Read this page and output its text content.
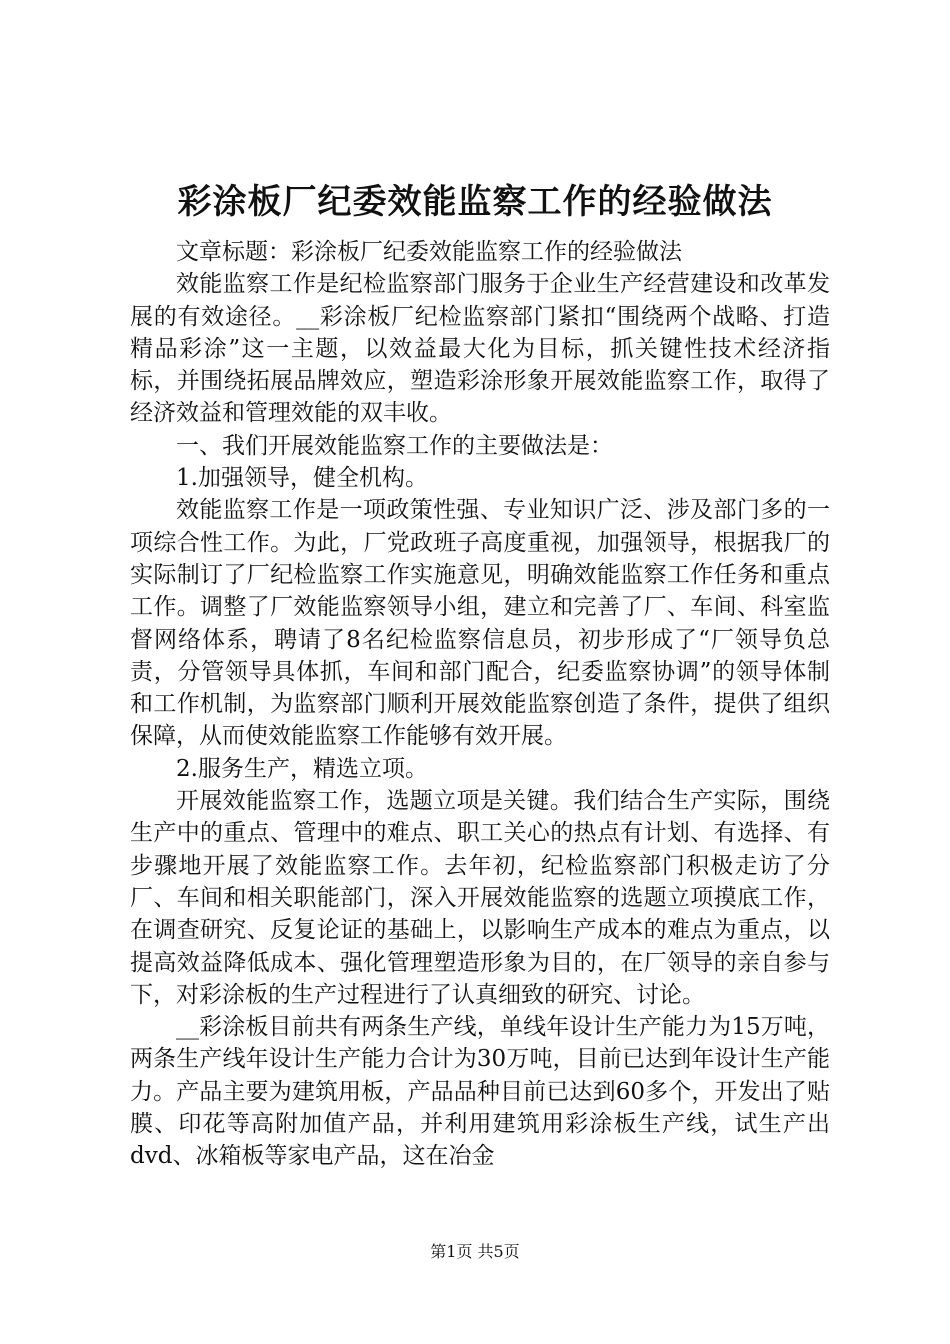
彩涂板厂纪委效能监察工作的经验做法

文章标题：彩涂板厂纪委效能监察工作的经验做法

效能监察工作是纪检监察部门服务于企业生产经营建设和改革发展的有效途径。__彩涂板厂纪检监察部门紧扣“围绕两个战略、打造精品彩涂”这一主题，以效益最大化为目标，抓关键性技术经济指标，并围绕拓展品牌效应，塑造彩涂形象开展效能监察工作，取得了经济效益和管理效能的双丰收。

一、我们开展效能监察工作的主要做法是：

1.加强领导，健全机构。

效能监察工作是一项政策性强、专业知识广泛、涉及部门多的一项综合性工作。为此，厂党政班子高度重视，加强领导，根据我厂的实际制订了厂纪检监察工作实施意见，明确效能监察工作任务和重点工作。调整了厂效能监察领导小组，建立和完善了厂、车间、科室监督网络体系，聘请了8名纪检监察信息员，初步形成了“厂领导负总责，分管领导具体抓，车间和部门配合，纪委监察协调”的领导体制和工作机制，为监察部门顺利开展效能监察创造了条件，提供了组织保障，从而使效能监察工作能够有效开展。

2.服务生产，精选立项。

开展效能监察工作，选题立项是关键。我们结合生产实际，围绕生产中的重点、管理中的难点、职工关心的热点有计划、有选择、有步骤地开展了效能监察工作。去年初，纪检监察部门积极走访了分厂、车间和相关职能部门，深入开展效能监察的选题立项摸底工作，在调查研究、反复论证的基础上，以影响生产成本的难点为重点，以提高效益降低成本、强化管理塑造形象为目的，在厂领导的亲自参与下，对彩涂板的生产过程进行了认真细致的研究、讨论。

__彩涂板目前共有两条生产线，单线年设计生产能力为15万吨，两条生产线年设计生产能力合计为30万吨，目前已达到年设计生产能力。产品主要为建筑用板，产品品种目前已达到60多个，开发出了贴膜、印花等高附加值产品，并利用建筑用彩涂板生产线，试生产出dvd、冰箱板等家电产品，这在冶金

第1页 共5页
